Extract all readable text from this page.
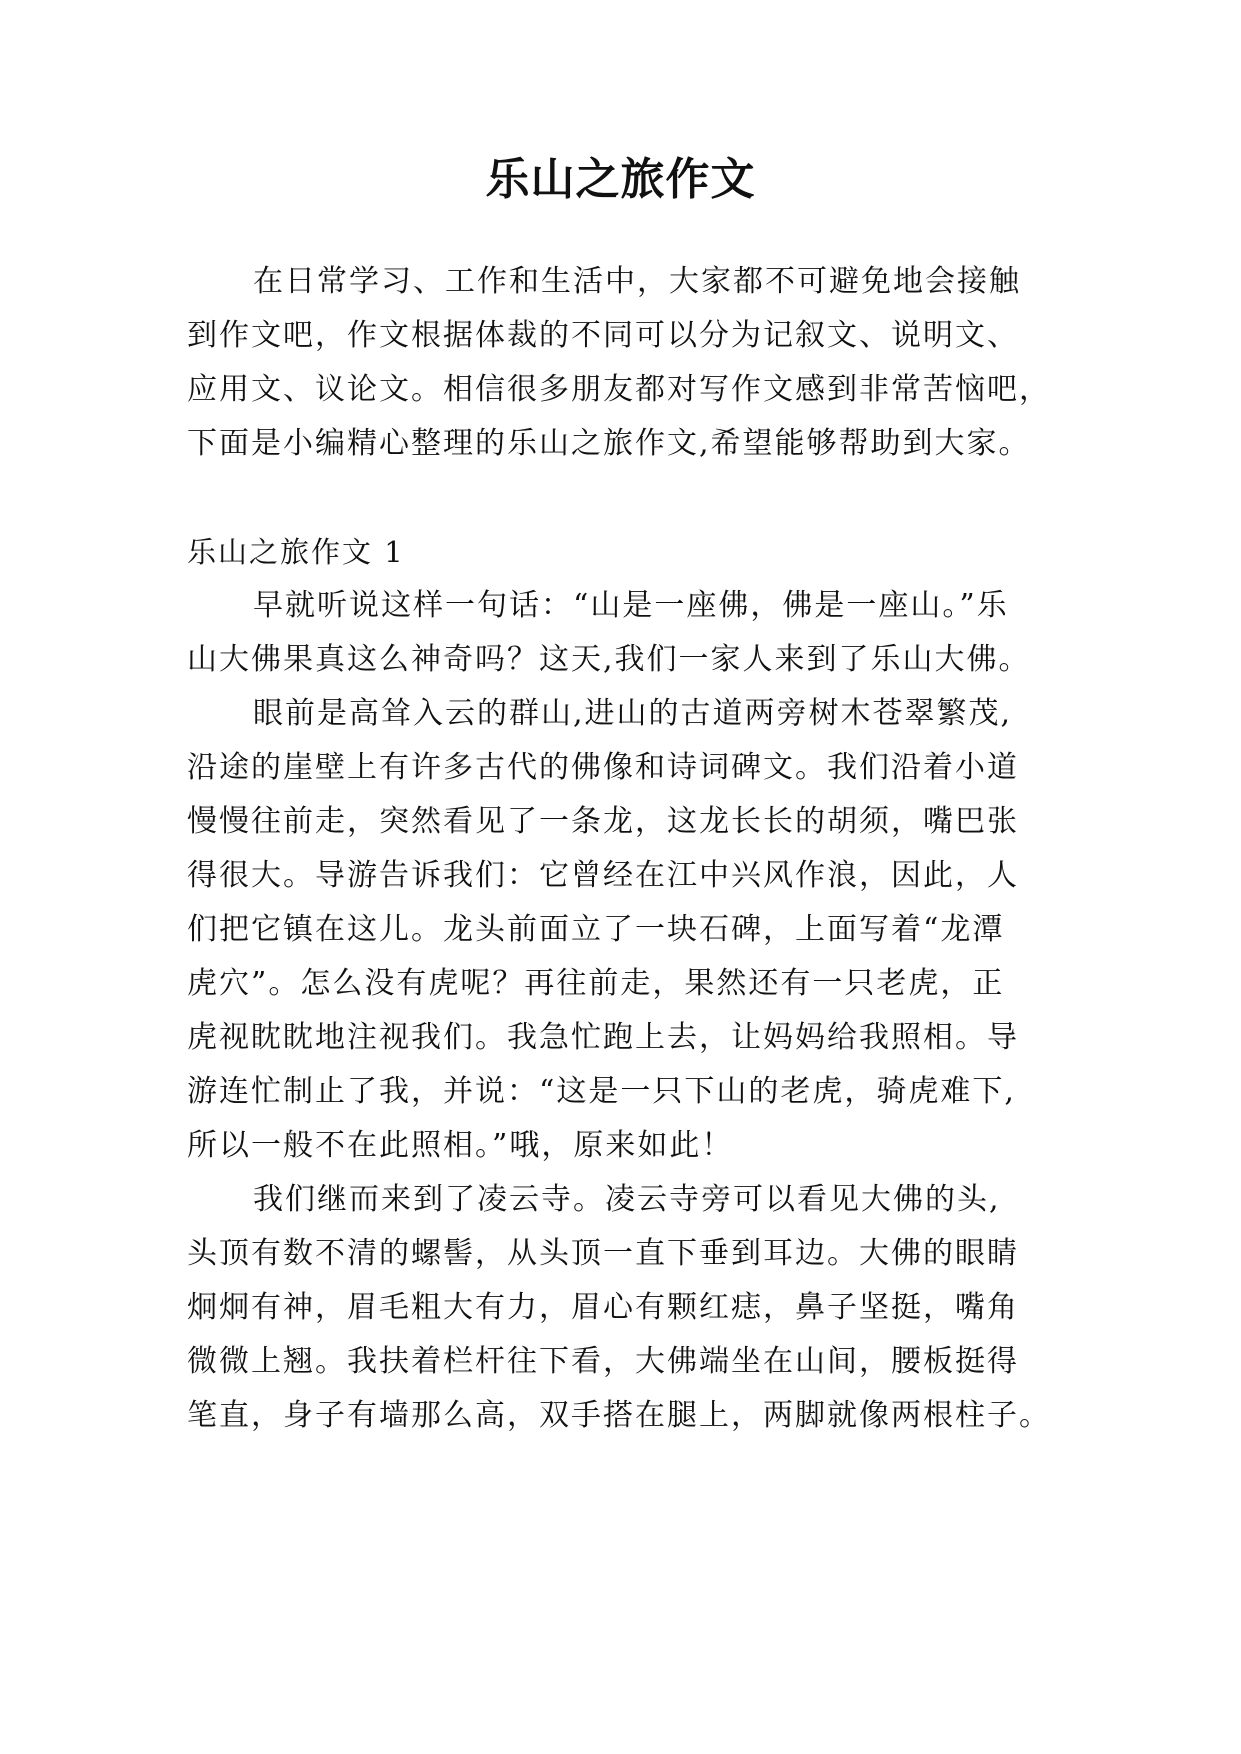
乐山之旅作文

在日常学习、工作和生活中，大家都不可避免地会接触

到作文吧，作文根据体裁的不同可以分为记叙文、说明文、

应用文、议论文。相信很多朋友都对写作文感到非常苦恼吧，

下面是小编精心整理的乐山之旅作文,希望能够帮助到大家。

乐山之旅作文 1

早就听说这样一句话：“山是一座佛，佛是一座山。”乐

山大佛果真这么神奇吗？这天,我们一家人来到了乐山大佛。

眼前是高耸入云的群山,进山的古道两旁树木苍翠繁茂,

沿途的崖壁上有许多古代的佛像和诗词碑文。我们沿着小道

慢慢往前走，突然看见了一条龙，这龙长长的胡须，嘴巴张

得很大。导游告诉我们：它曾经在江中兴风作浪，因此，人

们把它镇在这儿。龙头前面立了一块石碑，上面写着“龙潭

虎穴”。怎么没有虎呢？再往前走，果然还有一只老虎，正

虎视眈眈地注视我们。我急忙跑上去，让妈妈给我照相。导

游连忙制止了我，并说：“这是一只下山的老虎，骑虎难下,

所以一般不在此照相。”哦，原来如此！

我们继而来到了凌云寺。凌云寺旁可以看见大佛的头,

头顶有数不清的螺髻，从头顶一直下垂到耳边。大佛的眼睛

炯炯有神，眉毛粗大有力，眉心有颗红痣，鼻子坚挺，嘴角

微微上翘。我扶着栏杆往下看，大佛端坐在山间，腰板挺得

笔直，身子有墙那么高，双手搭在腿上，两脚就像两根柱子。
